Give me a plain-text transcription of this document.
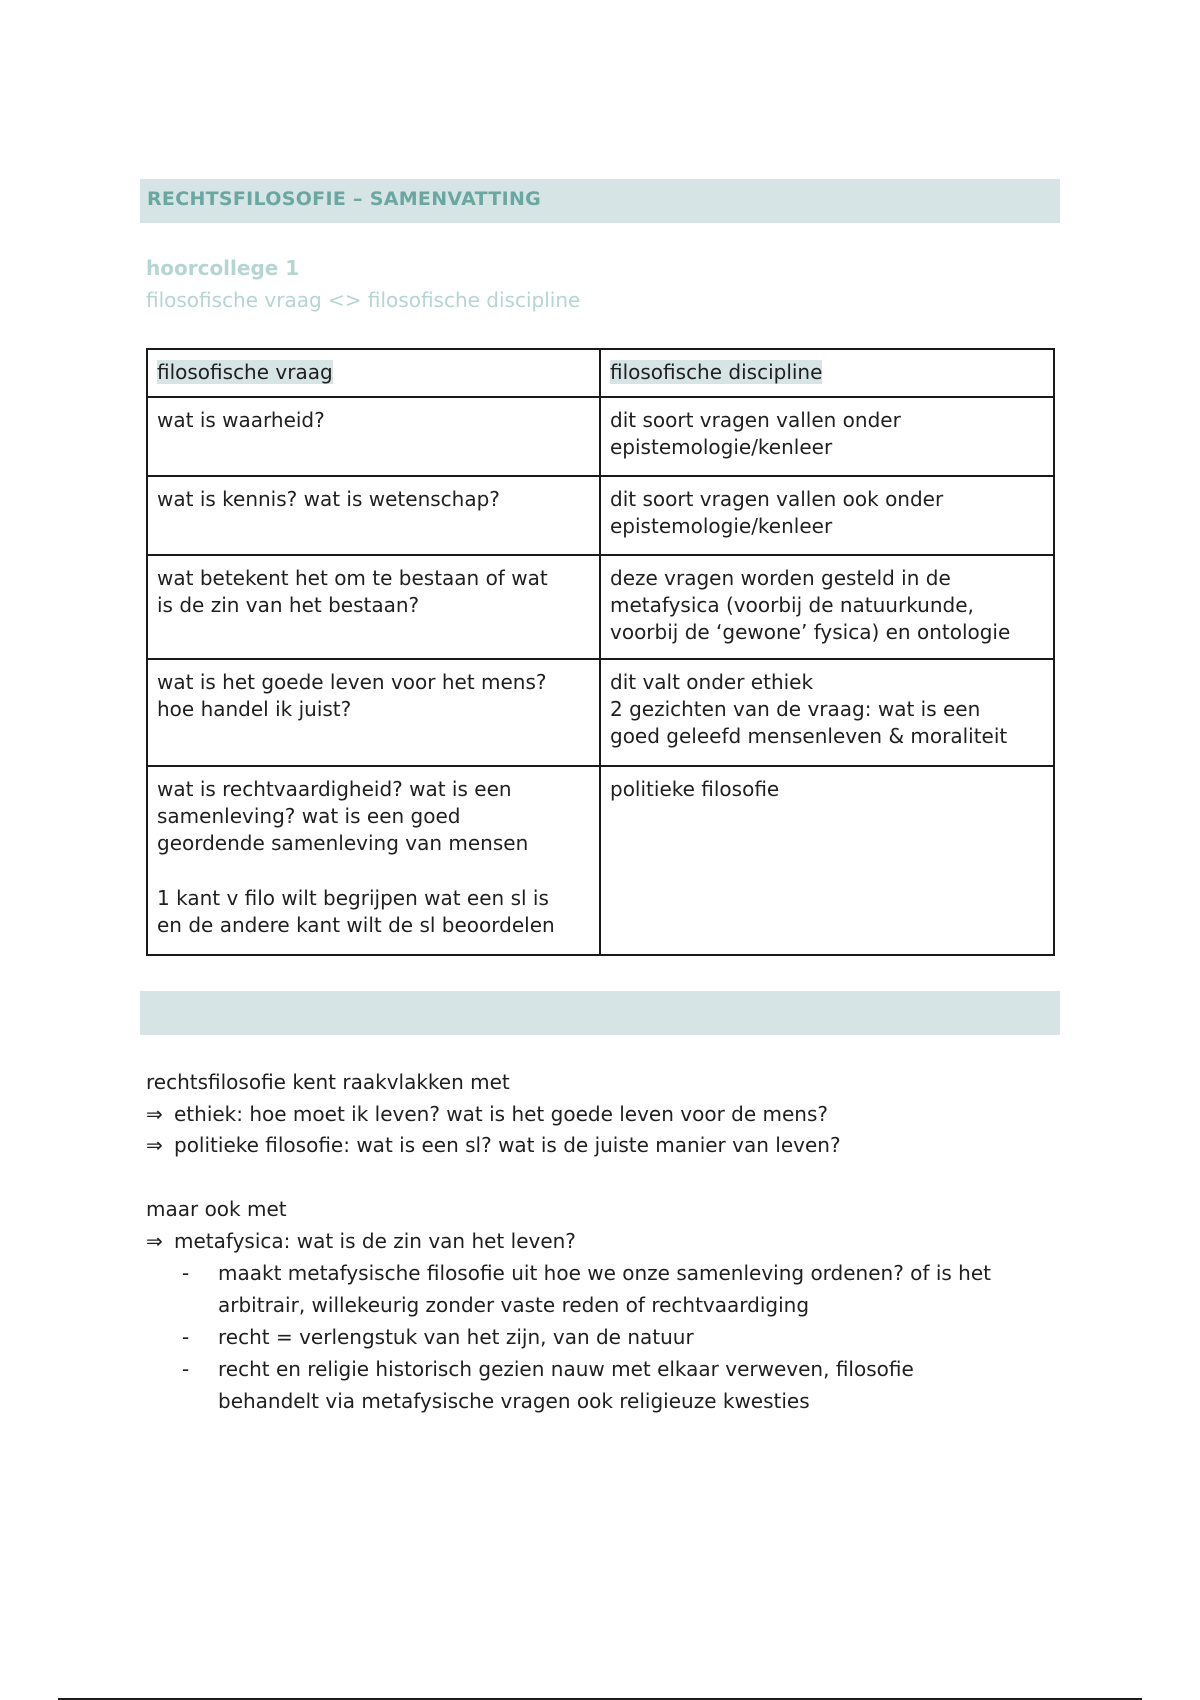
RECHTSFILOSOFIE – SAMENVATTING
hoorcollege 1
filosofische vraag <> filosofische discipline
filosofische vraag	filosofische discipline

wat is waarheid?	dit soort vragen vallen onder
epistemologie/kenleer

wat is kennis? wat is wetenschap?	dit soort vragen vallen ook onder
epistemologie/kenleer

wat betekent het om te bestaan of wat
is de zin van het bestaan?	deze vragen worden gesteld in de
metafysica (voorbij de natuurkunde,
voorbij de ‘gewone’ fysica) en ontologie

wat is het goede leven voor het mens?
hoe handel ik juist?	dit valt onder ethiek
2 gezichten van de vraag: wat is een
goed geleefd mensenleven & moraliteit

wat is rechtvaardigheid? wat is een
samenleving? wat is een goed
geordende samenleving van mensen
1 kant v filo wilt begrijpen wat een sl is
en de andere kant wilt de sl beoordelen	politieke filosofie
rechtsfilosofie kent raakvlakken met
⇒ ethiek: hoe moet ik leven? wat is het goede leven voor de mens?
⇒ politieke filosofie: wat is een sl? wat is de juiste manier van leven?
maar ook met
⇒ metafysica: wat is de zin van het leven?
- maakt metafysische filosofie uit hoe we onze samenleving ordenen? of is het
arbitrair, willekeurig zonder vaste reden of rechtvaardiging
- recht = verlengstuk van het zijn, van de natuur
- recht en religie historisch gezien nauw met elkaar verweven, filosofie
behandelt via metafysische vragen ook religieuze kwesties
